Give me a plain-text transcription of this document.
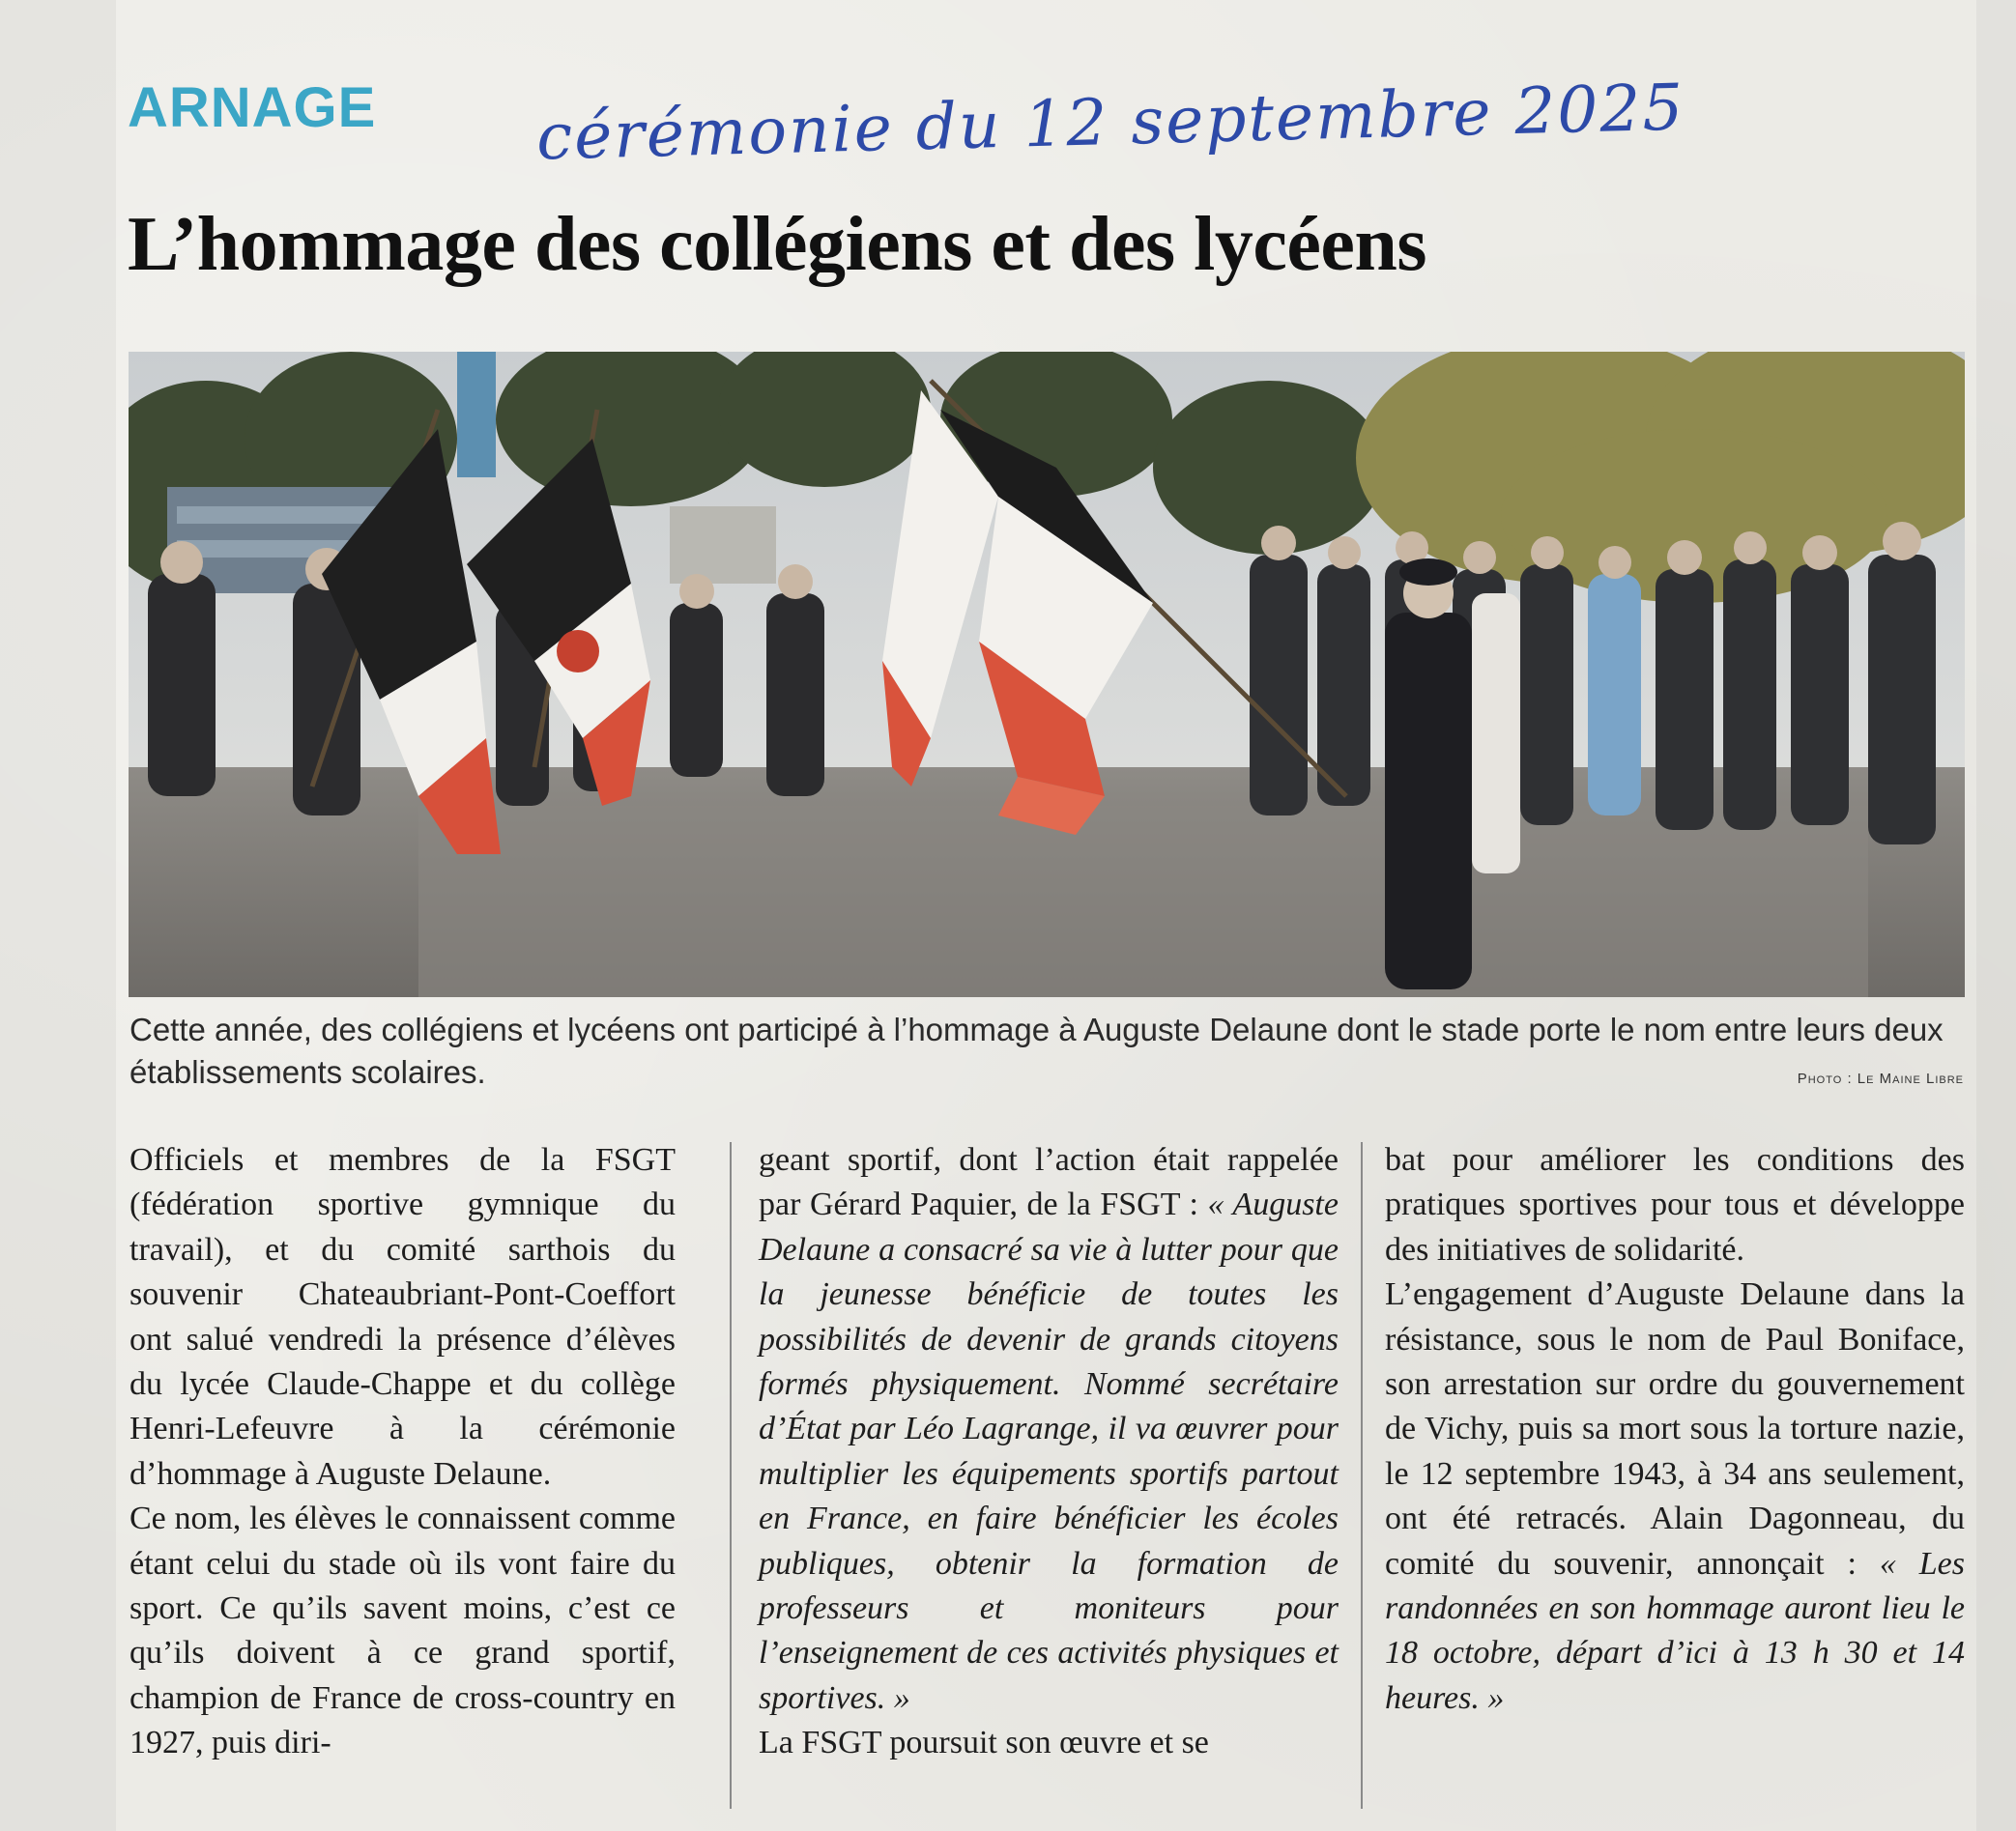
ARNAGE cérémonie du 12 septembre 2025
L’hommage des collégiens et des lycéens
Cette année, des collégiens et lycéens ont participé à l’hommage à Auguste Delaune dont le stade porte le nom entre leurs deux établissements scolaires.	Photo : Le Maine Libre

Officiels et membres de la FSGT (fédération sportive gymnique du travail), et du comité sarthois du souvenir Chateaubriant-Pont-Coeffort ont salué vendredi la présence d’élèves du lycée Claude-Chappe et du collège Henri-Lefeuvre à la cérémonie d’hommage à Auguste Delaune.

Ce nom, les élèves le connaissent comme étant celui du stade où ils vont faire du sport. Ce qu’ils savent moins, c’est ce qu’ils doivent à ce grand sportif, champion de France de cross-country en 1927, puis diri-

geant sportif, dont l’action était rappelée par Gérard Paquier, de la FSGT : « Auguste Delaune a consacré sa vie à lutter pour que la jeunesse bénéficie de toutes les possibilités de devenir de grands citoyens formés physiquement. Nommé secrétaire d’État par Léo Lagrange, il va œuvrer pour multiplier les équipements sportifs partout en France, en faire bénéficier les écoles publiques, obtenir la formation de professeurs et moniteurs pour l’enseignement de ces activités physiques et sportives. »

La FSGT poursuit son œuvre et se

bat pour améliorer les conditions des pratiques sportives pour tous et développe des initiatives de solidarité.

L’engagement d’Auguste Delaune dans la résistance, sous le nom de Paul Boniface, son arrestation sur ordre du gouvernement de Vichy, puis sa mort sous la torture nazie, le 12 septembre 1943, à 34 ans seulement, ont été retracés. Alain Dagonneau, du comité du souvenir, annonçait : « Les randonnées en son hommage auront lieu le 18 octobre, départ d’ici à 13 h 30 et 14 heures. »
